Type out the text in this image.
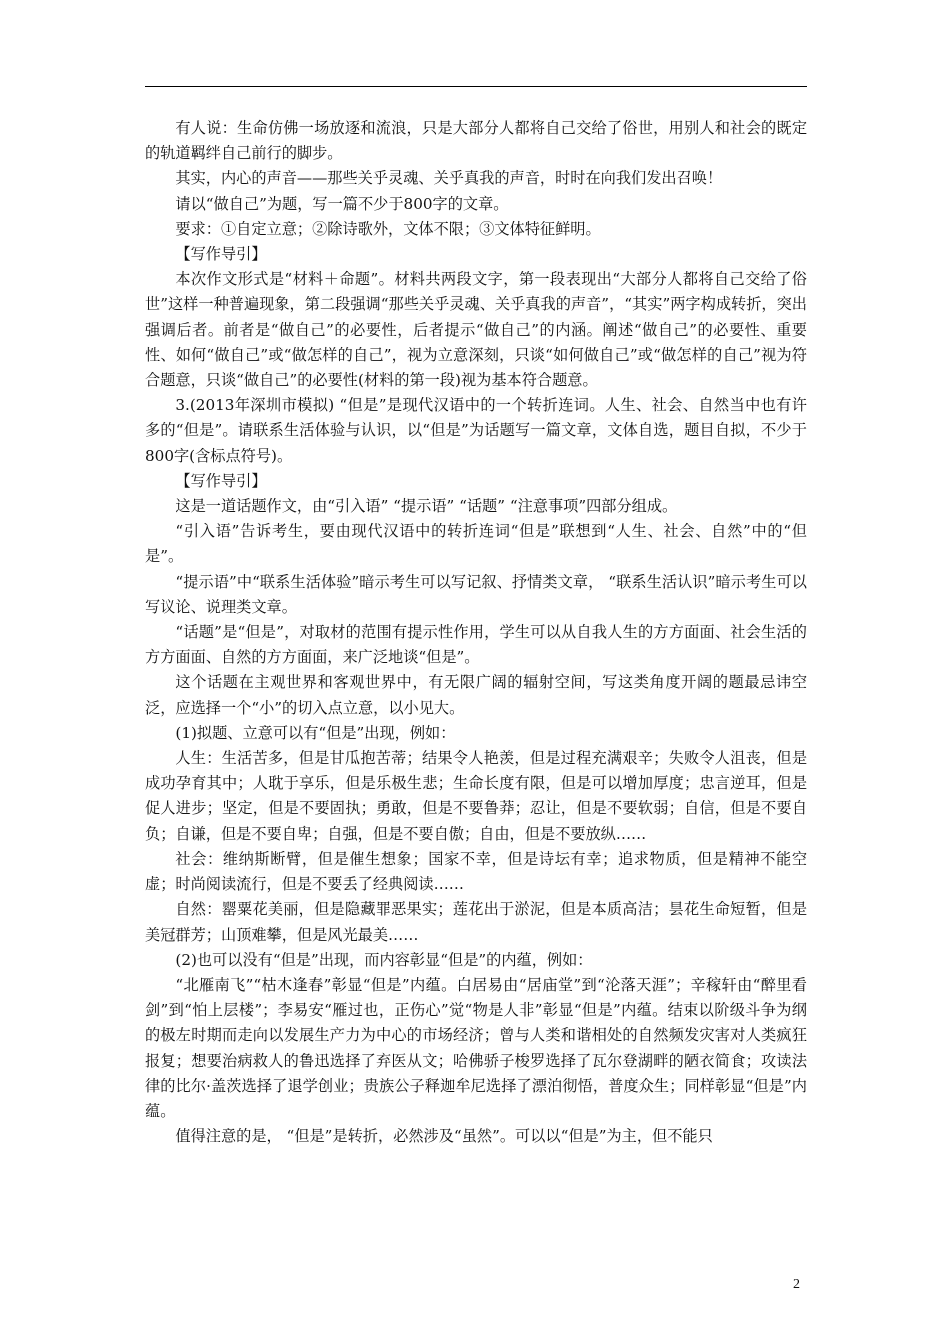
有人说：生命仿佛一场放逐和流浪，只是大部分人都将自己交给了俗世，用别人和社会的既定的轨道羁绊自己前行的脚步。

其实，内心的声音——那些关乎灵魂、关乎真我的声音，时时在向我们发出召唤！

请以“做自己”为题，写一篇不少于800字的文章。

要求：①自定立意；②除诗歌外，文体不限；③文体特征鲜明。

【写作导引】

本次作文形式是“材料＋命题”。材料共两段文字，第一段表现出“大部分人都将自己交给了俗世”这样一种普遍现象，第二段强调“那些关乎灵魂、关乎真我的声音”，“其实”两字构成转折，突出强调后者。前者是“做自己”的必要性，后者提示“做自己”的内涵。阐述“做自己”的必要性、重要性、如何“做自己”或“做怎样的自己”，视为立意深刻，只谈“如何做自己”或“做怎样的自己”视为符合题意，只谈“做自己”的必要性(材料的第一段)视为基本符合题意。

3.(2013年深圳市模拟) “但是”是现代汉语中的一个转折连词。人生、社会、自然当中也有许多的“但是”。请联系生活体验与认识，以“但是”为话题写一篇文章，文体自选，题目自拟，不少于800字(含标点符号)。

【写作导引】

这是一道话题作文，由“引入语” “提示语” “话题” “注意事项”四部分组成。

“引入语”告诉考生，要由现代汉语中的转折连词“但是”联想到“人生、社会、自然”中的“但是”。

“提示语”中“联系生活体验”暗示考生可以写记叙、抒情类文章， “联系生活认识”暗示考生可以写议论、说理类文章。

“话题”是“但是”，对取材的范围有提示性作用，学生可以从自我人生的方方面面、社会生活的方方面面、自然的方方面面，来广泛地谈“但是”。

这个话题在主观世界和客观世界中，有无限广阔的辐射空间，写这类角度开阔的题最忌讳空泛，应选择一个“小”的切入点立意，以小见大。

(1)拟题、立意可以有“但是”出现，例如：

人生：生活苦多，但是甘瓜抱苦蒂；结果令人艳羡，但是过程充满艰辛；失败令人沮丧，但是成功孕育其中；人耽于享乐，但是乐极生悲；生命长度有限，但是可以增加厚度；忠言逆耳，但是促人进步；坚定，但是不要固执；勇敢，但是不要鲁莽；忍让，但是不要软弱；自信，但是不要自负；自谦，但是不要自卑；自强，但是不要自傲；自由，但是不要放纵……

社会：维纳斯断臂，但是催生想象；国家不幸，但是诗坛有幸；追求物质，但是精神不能空虚；时尚阅读流行，但是不要丢了经典阅读……

自然：罂粟花美丽，但是隐藏罪恶果实；莲花出于淤泥，但是本质高洁；昙花生命短暂，但是美冠群芳；山顶难攀，但是风光最美……

(2)也可以没有“但是”出现，而内容彰显“但是”的内蕴，例如：

“北雁南飞”“枯木逢春”彰显“但是”内蕴。白居易由“居庙堂”到“沦落天涯”；辛稼轩由“醉里看剑”到“怕上层楼”；李易安“雁过也，正伤心”觉“物是人非”彰显“但是”内蕴。结束以阶级斗争为纲的极左时期而走向以发展生产力为中心的市场经济；曾与人类和谐相处的自然频发灾害对人类疯狂报复；想要治病救人的鲁迅选择了弃医从文；哈佛骄子梭罗选择了瓦尔登湖畔的陋衣简食；攻读法律的比尔·盖茨选择了退学创业；贵族公子释迦牟尼选择了漂泊彻悟，普度众生；同样彰显“但是”内蕴。

值得注意的是， “但是”是转折，必然涉及“虽然”。可以以“但是”为主，但不能只

2
